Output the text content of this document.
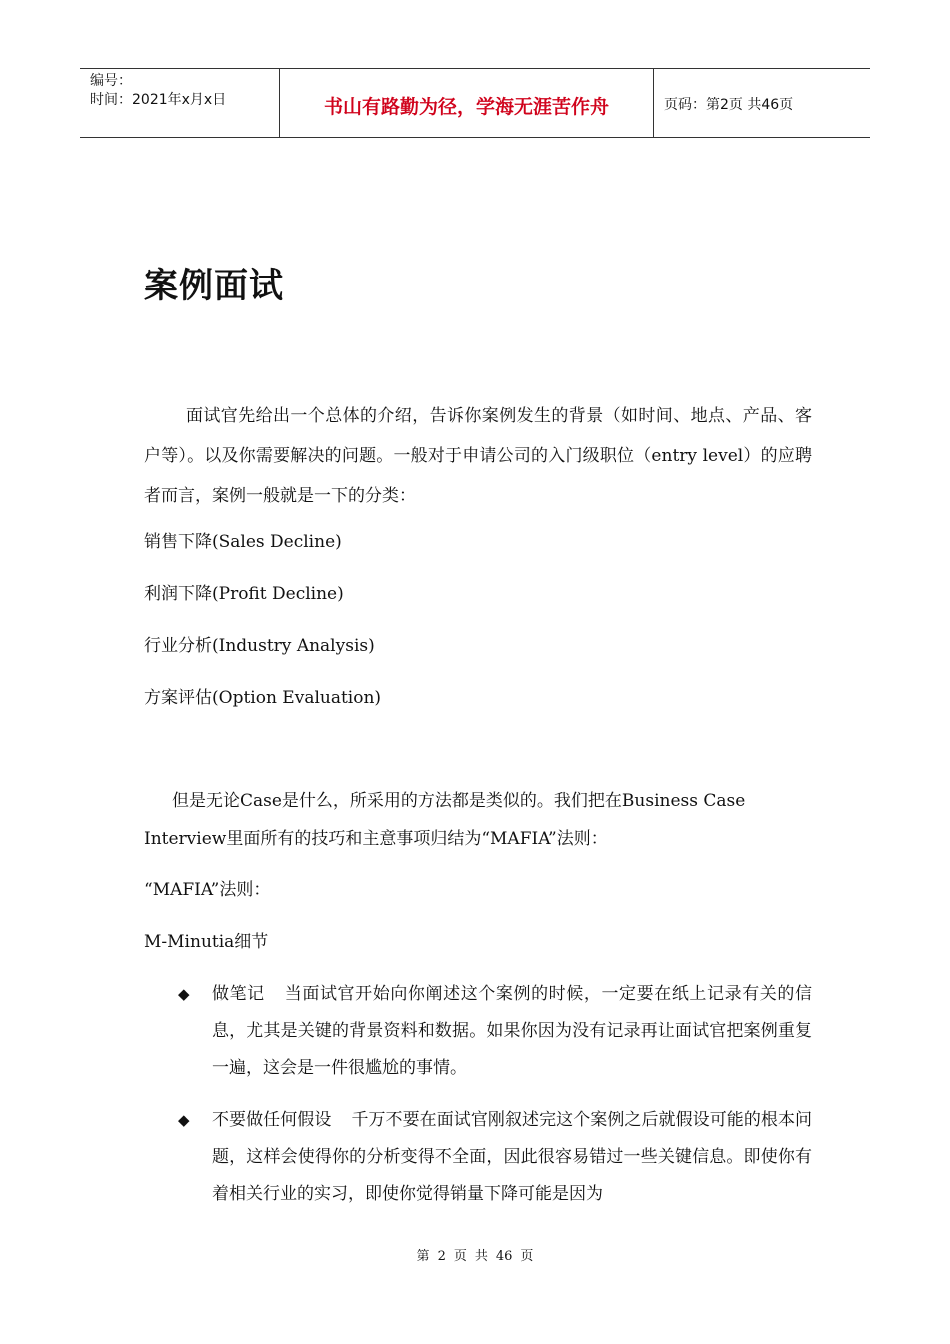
编号：
时间：2021年x月x日	书山有路勤为径，学海无涯苦作舟	页码：第2页 共46页
案例面试
面试官先给出一个总体的介绍，告诉你案例发生的背景（如时间、地点、产品、客户等）。以及你需要解决的问题。一般对于申请公司的入门级职位（entry level）的应聘者而言，案例一般就是一下的分类：
销售下降(Sales Decline)
利润下降(Profit Decline)
行业分析(Industry Analysis)
方案评估(Option Evaluation)
但是无论Case是什么，所采用的方法都是类似的。我们把在Business Case Interview里面所有的技巧和主意事项归结为“MAFIA”法则：
“MAFIA”法则：
M-Minutia细节
◆	做笔记 当面试官开始向你阐述这个案例的时候，一定要在纸上记录有关的信息，尤其是关键的背景资料和数据。如果你因为没有记录再让面试官把案例重复一遍，这会是一件很尴尬的事情。
◆	不要做任何假设 千万不要在面试官刚叙述完这个案例之后就假设可能的根本问题，这样会使得你的分析变得不全面，因此很容易错过一些关键信息。即使你有着相关行业的实习，即使你觉得销量下降可能是因为
第 2 页 共 46 页
